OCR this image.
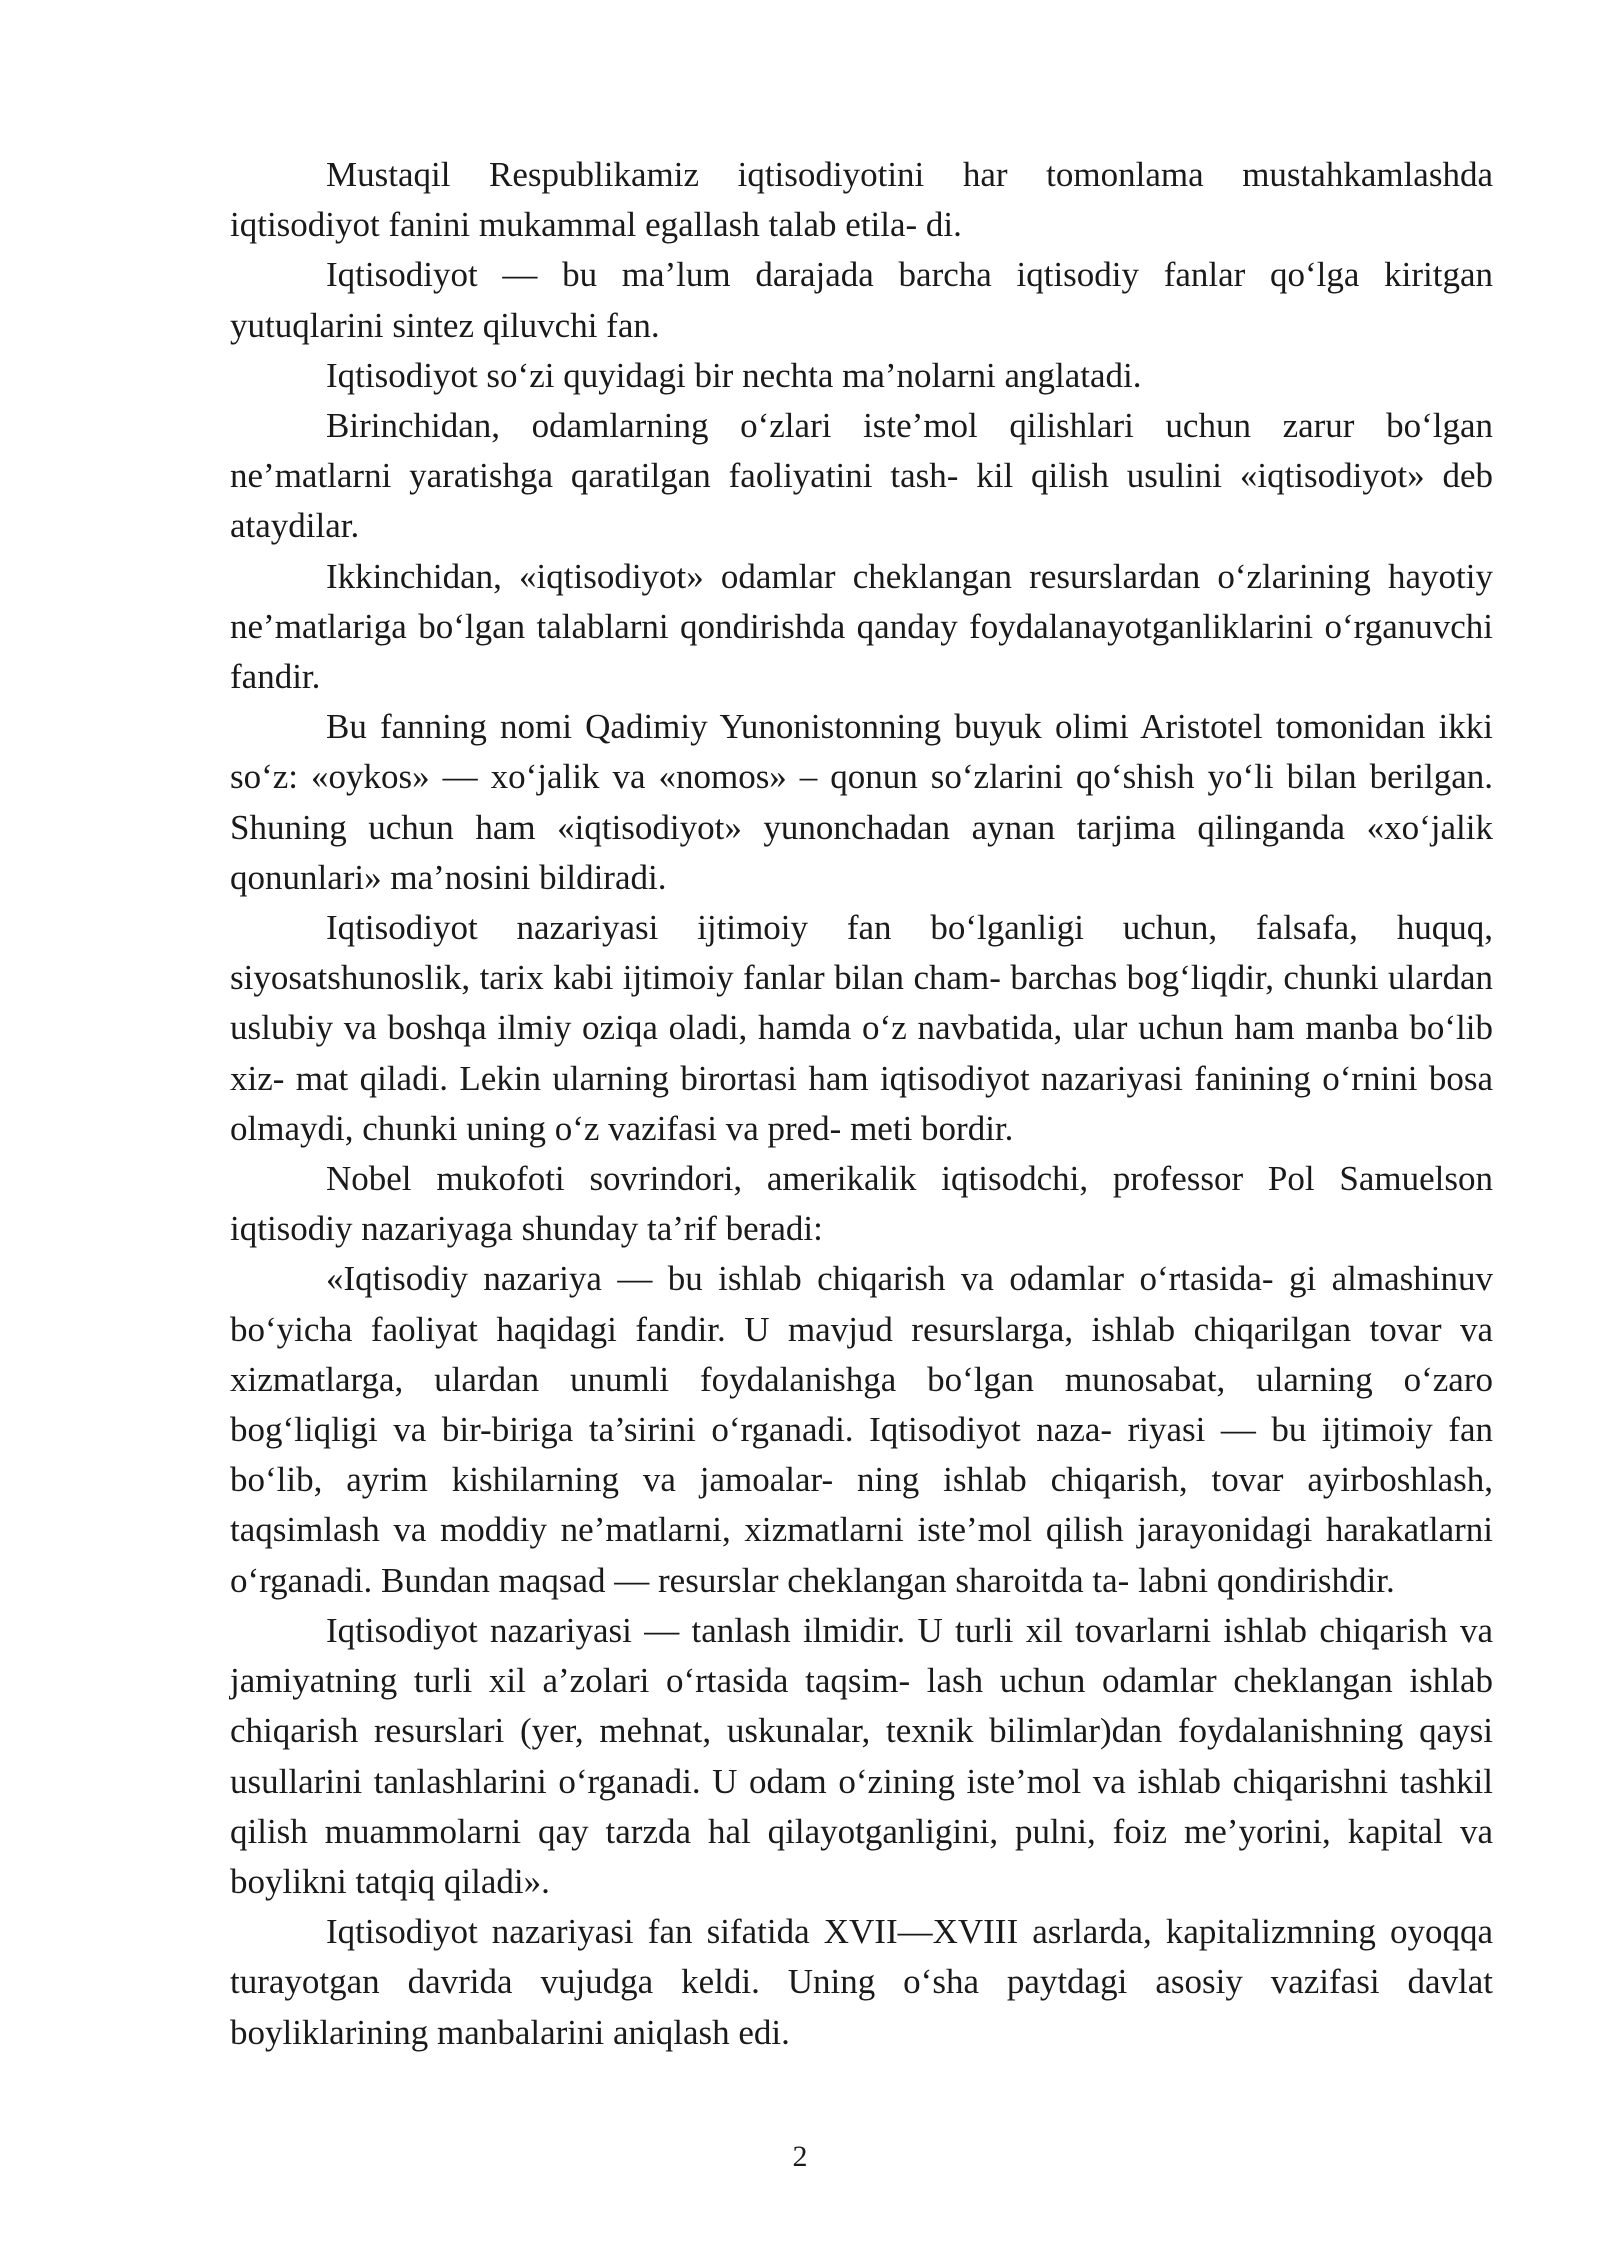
Mustaqil Respublikamiz iqtisodiyotini har tomonlama mustahkamlashda iqtisodiyot fanini mukammal egallash talab etila- di.

Iqtisodiyot — bu ma’lum darajada barcha iqtisodiy fanlar qo‘lga kiritgan yutuqlarini sintez qiluvchi fan.

Iqtisodiyot so‘zi quyidagi bir nechta ma’nolarni anglatadi.

Birinchidan, odamlarning o‘zlari iste’mol qilishlari uchun zarur bo‘lgan ne’matlarni yaratishga qaratilgan faoliyatini tash- kil qilish usulini «iqtisodiyot» deb ataydilar.

Ikkinchidan, «iqtisodiyot» odamlar cheklangan resurslardan o‘zlarining hayotiy ne’matlariga bo‘lgan talablarni qondirishda qanday foydalanayotganliklarini o‘rganuvchi fandir.

Bu fanning nomi Qadimiy Yunonistonning buyuk olimi Aristotel tomonidan ikki so‘z: «oykos» — xo‘jalik va «nomos» – qonun so‘zlarini qo‘shish yo‘li bilan berilgan. Shuning uchun ham «iqtisodiyot» yunonchadan aynan tarjima qilinganda «xo‘jalik qonunlari» ma’nosini bildiradi.

Iqtisodiyot nazariyasi ijtimoiy fan bo‘lganligi uchun, falsafa, huquq, siyosatshunoslik, tarix kabi ijtimoiy fanlar bilan cham- barchas bog‘liqdir, chunki ulardan uslubiy va boshqa ilmiy oziqa oladi, hamda o‘z navbatida, ular uchun ham manba bo‘lib xiz- mat qiladi. Lekin ularning birortasi ham iqtisodiyot nazariyasi fanining o‘rnini bosa olmaydi, chunki uning o‘z vazifasi va pred- meti bordir.

Nobel mukofoti sovrindori, amerikalik iqtisodchi, professor Pol Samuelson iqtisodiy nazariyaga shunday ta’rif beradi:

«Iqtisodiy nazariya — bu ishlab chiqarish va odamlar o‘rtasida- gi almashinuv bo‘yicha faoliyat haqidagi fandir. U mavjud resurslarga, ishlab chiqarilgan tovar va xizmatlarga, ulardan unumli foydalanishga bo‘lgan munosabat, ularning o‘zaro bog‘liqligi va bir-biriga ta’sirini o‘rganadi. Iqtisodiyot naza- riyasi — bu ijtimoiy fan bo‘lib, ayrim kishilarning va jamoalar- ning ishlab chiqarish, tovar ayirboshlash, taqsimlash va moddiy ne’matlarni, xizmatlarni iste’mol qilish jarayonidagi harakatlarni o‘rganadi. Bundan maqsad — resurslar cheklangan sharoitda ta- labni qondirishdir.

Iqtisodiyot nazariyasi — tanlash ilmidir. U turli xil tovarlarni ishlab chiqarish va jamiyatning turli xil a’zolari o‘rtasida taqsim- lash uchun odamlar cheklangan ishlab chiqarish resurslari (yer, mehnat, uskunalar, texnik bilimlar)dan foydalanishning qaysi usullarini tanlashlarini o‘rganadi. U odam o‘zining iste’mol va ishlab chiqarishni tashkil qilish muammolarni qay tarzda hal qilayotganligini, pulni, foiz me’yorini, kapital va boylikni tatqiq qiladi».

Iqtisodiyot nazariyasi fan sifatida XVII—XVIII asrlarda, kapitalizmning oyoqqa turayotgan davrida vujudga keldi. Uning o‘sha paytdagi asosiy vazifasi davlat boyliklarining manbalarini aniqlash edi.

2
